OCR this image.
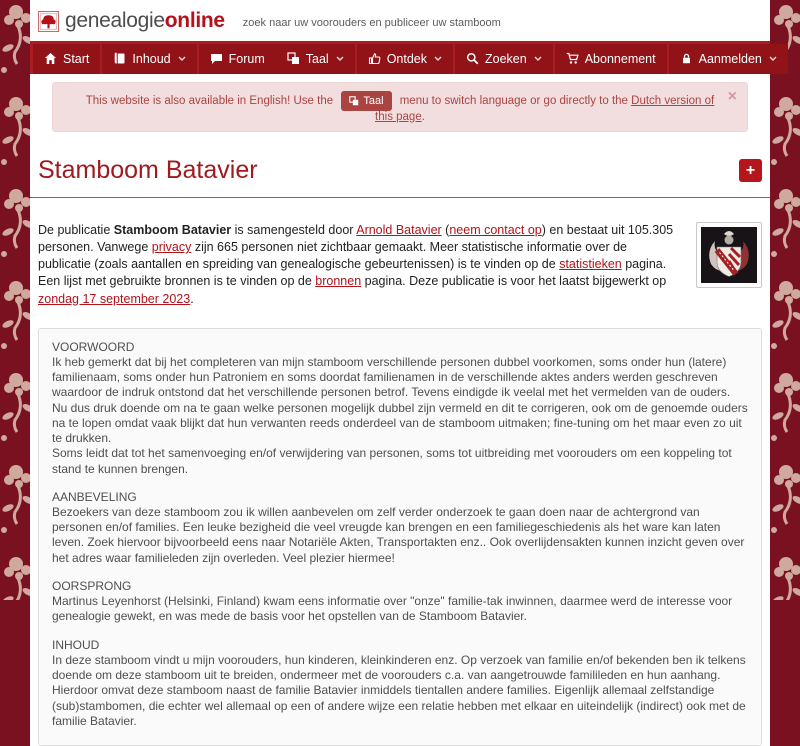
genealogieonline zoek naar uw voorouders en publiceer uw stamboom
Start	Inhoud	Forum	Taal	Ontdek	Zoeken	Abonnement	Aanmelden
This website is also available in English! Use the	Taal menu to switch language or go directly to the Dutch version of this page.
×
Stamboom Batavier	+
De publicatie Stamboom Batavier is samengesteld door Arnold Batavier (neem contact op) en bestaat uit 105.305 personen. Vanwege privacy zijn 665 personen niet zichtbaar gemaakt. Meer statistische informatie over de publicatie (zoals aantallen en spreiding van genealogische gebeurtenissen) is te vinden op de statistieken pagina. Een lijst met gebruikte bronnen is te vinden op de bronnen pagina. Deze publicatie is voor het laatst bijgewerkt op zondag 17 september 2023.
VOORWOORD
Ik heb gemerkt dat bij het completeren van mijn stamboom verschillende personen dubbel voorkomen, soms onder hun (latere) familienaam, soms onder hun Patroniem en soms doordat familienamen in de verschillende aktes anders werden geschreven waardoor de indruk ontstond dat het verschillende personen betrof. Tevens eindigde ik veelal met het vermelden van de ouders.
Nu dus druk doende om na te gaan welke personen mogelijk dubbel zijn vermeld en dit te corrigeren, ook om de genoemde ouders na te lopen omdat vaak blijkt dat hun verwanten reeds onderdeel van de stamboom uitmaken; fine-tuning om het maar even zo uit te drukken.
Soms leidt dat tot het samenvoeging en/of verwijdering van personen, soms tot uitbreiding met voorouders om een koppeling tot stand te kunnen brengen.
AANBEVELING
Bezoekers van deze stamboom zou ik willen aanbevelen om zelf verder onderzoek te gaan doen naar de achtergrond van personen en/of families. Een leuke bezigheid die veel vreugde kan brengen en een familiegeschiedenis als het ware kan laten leven. Zoek hiervoor bijvoorbeeld eens naar Notariële Akten, Transportakten enz.. Ook overlijdensakten kunnen inzicht geven over het adres waar familieleden zijn overleden. Veel plezier hiermee!
OORSPRONG
Martinus Leyenhorst (Helsinki, Finland) kwam eens informatie over "onze" familie-tak inwinnen, daarmee werd de interesse voor genealogie gewekt, en was mede de basis voor het opstellen van de Stamboom Batavier.
INHOUD
In deze stamboom vindt u mijn voorouders, hun kinderen, kleinkinderen enz. Op verzoek van familie en/of bekenden ben ik telkens doende om deze stamboom uit te breiden, ondermeer met de voorouders c.a. van aangetrouwde familileden en hun aanhang.
Hierdoor omvat deze stamboom naast de familie Batavier inmiddels tientallen andere families. Eigenlijk allemaal zelfstandige (sub)stambomen, die echter wel allemaal op een of andere wijze een relatie hebben met elkaar en uiteindelijk (indirect) ook met de familie Batavier.
